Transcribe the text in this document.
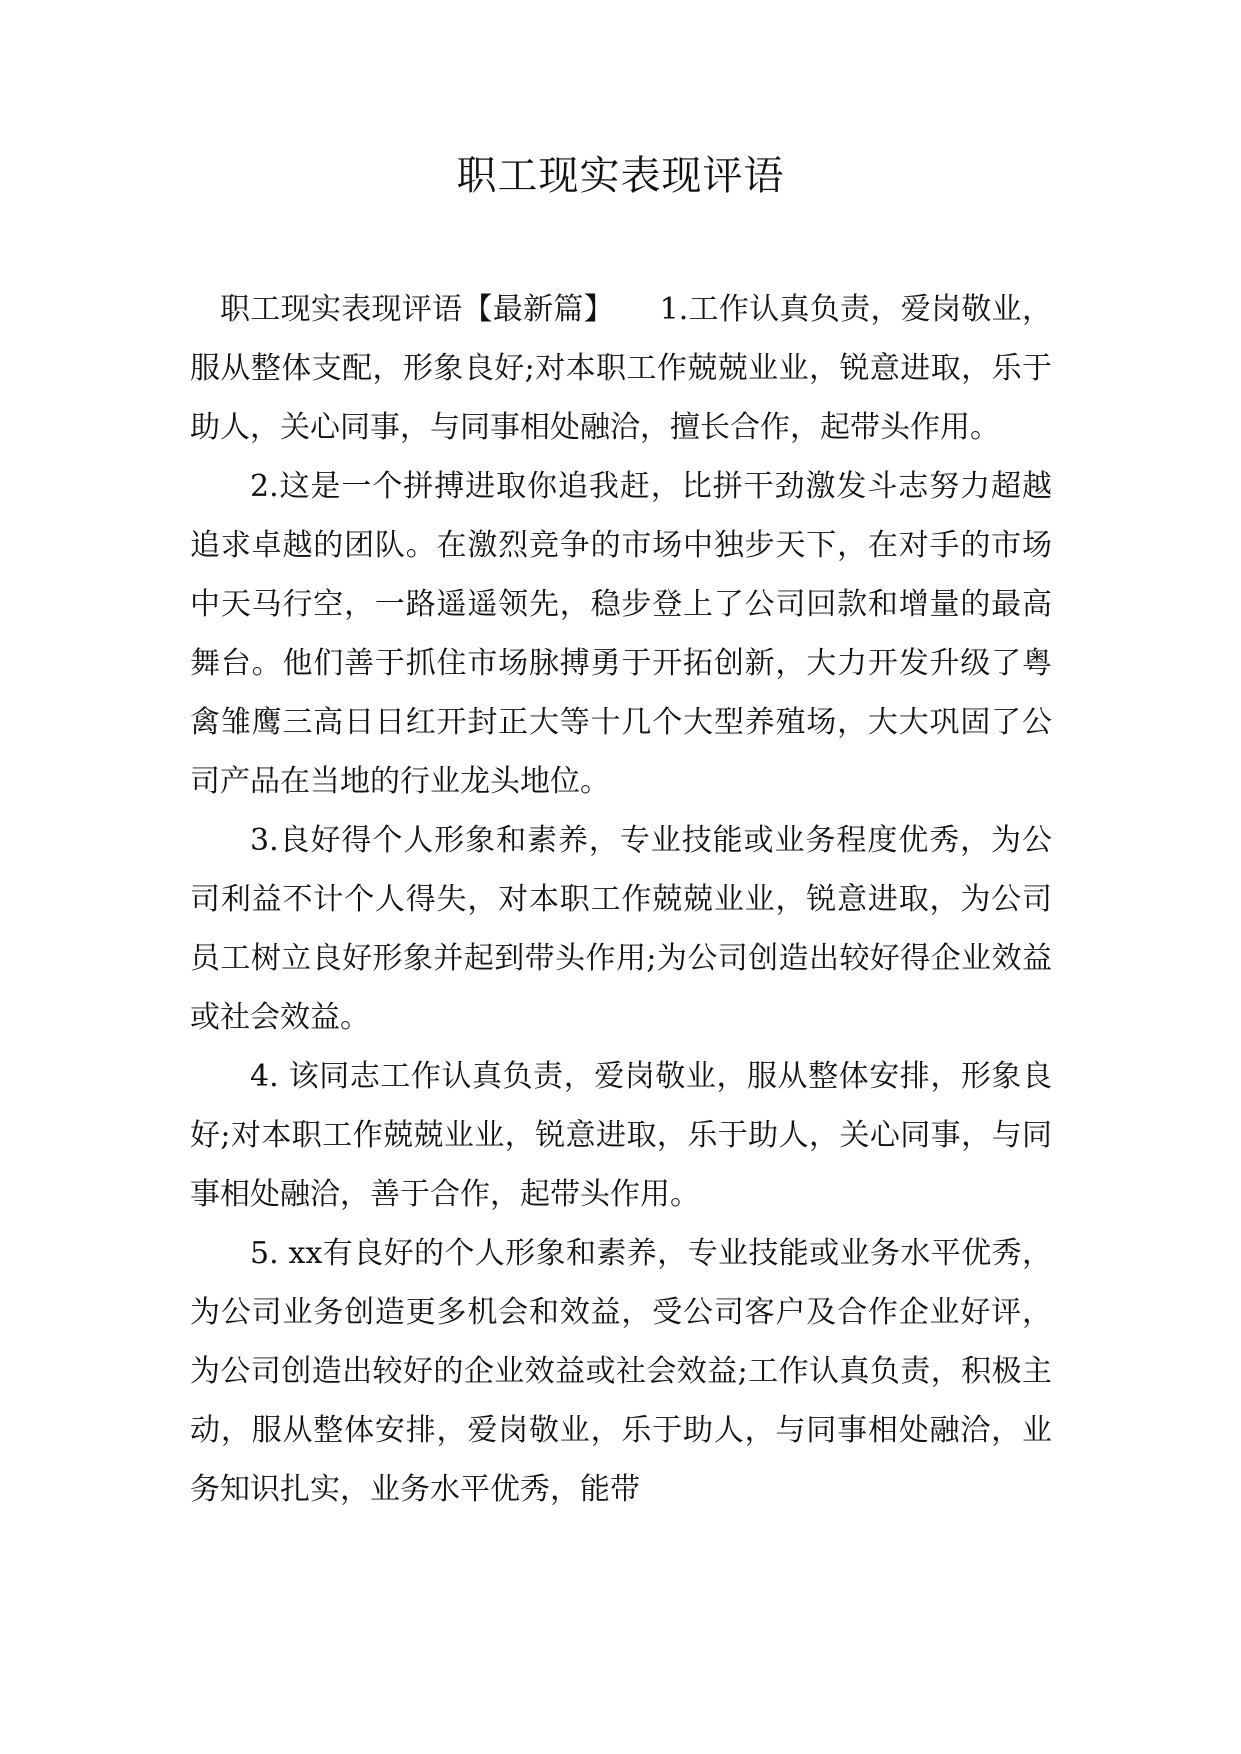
职工现实表现评语

职工现实表现评语【最新篇】　　1.工作认真负责，爱岗敬业，服从整体支配，形象良好;对本职工作兢兢业业，锐意进取，乐于助人，关心同事，与同事相处融洽，擅长合作，起带头作用。

2.这是一个拼搏进取你追我赶，比拼干劲激发斗志努力超越追求卓越的团队。在激烈竞争的市场中独步天下，在对手的市场中天马行空，一路遥遥领先，稳步登上了公司回款和增量的最高舞台。他们善于抓住市场脉搏勇于开拓创新，大力开发升级了粤禽雏鹰三高日日红开封正大等十几个大型养殖场，大大巩固了公司产品在当地的行业龙头地位。

3.良好得个人形象和素养，专业技能或业务程度优秀，为公司利益不计个人得失，对本职工作兢兢业业，锐意进取，为公司员工树立良好形象并起到带头作用;为公司创造出较好得企业效益或社会效益。

4. 该同志工作认真负责，爱岗敬业，服从整体安排，形象良好;对本职工作兢兢业业，锐意进取，乐于助人，关心同事，与同事相处融洽，善于合作，起带头作用。

5. xx有良好的个人形象和素养，专业技能或业务水平优秀，为公司业务创造更多机会和效益，受公司客户及合作企业好评，为公司创造出较好的企业效益或社会效益;工作认真负责，积极主动，服从整体安排，爱岗敬业，乐于助人，与同事相处融洽，业务知识扎实，业务水平优秀，能带
